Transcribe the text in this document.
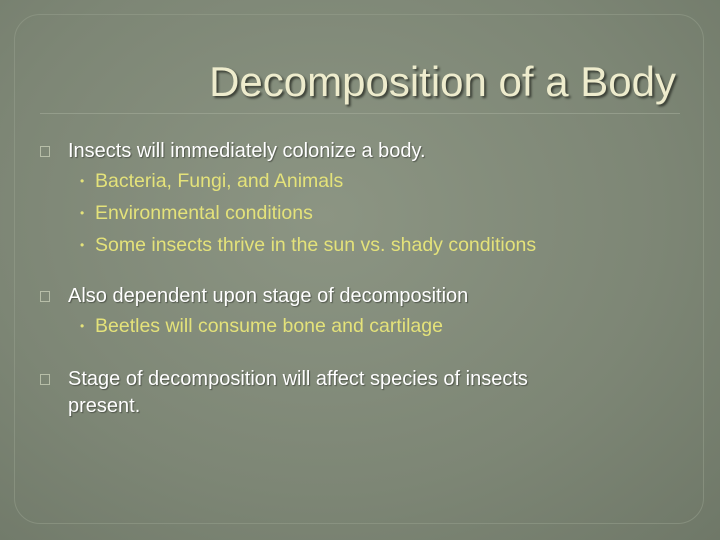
Decomposition of a Body
Insects will immediately colonize a body.
• Bacteria, Fungi, and Animals
• Environmental conditions
• Some insects thrive in the sun vs. shady conditions
Also dependent upon stage of decomposition
• Beetles will consume bone and cartilage
Stage of decomposition will affect species of insects
present.
